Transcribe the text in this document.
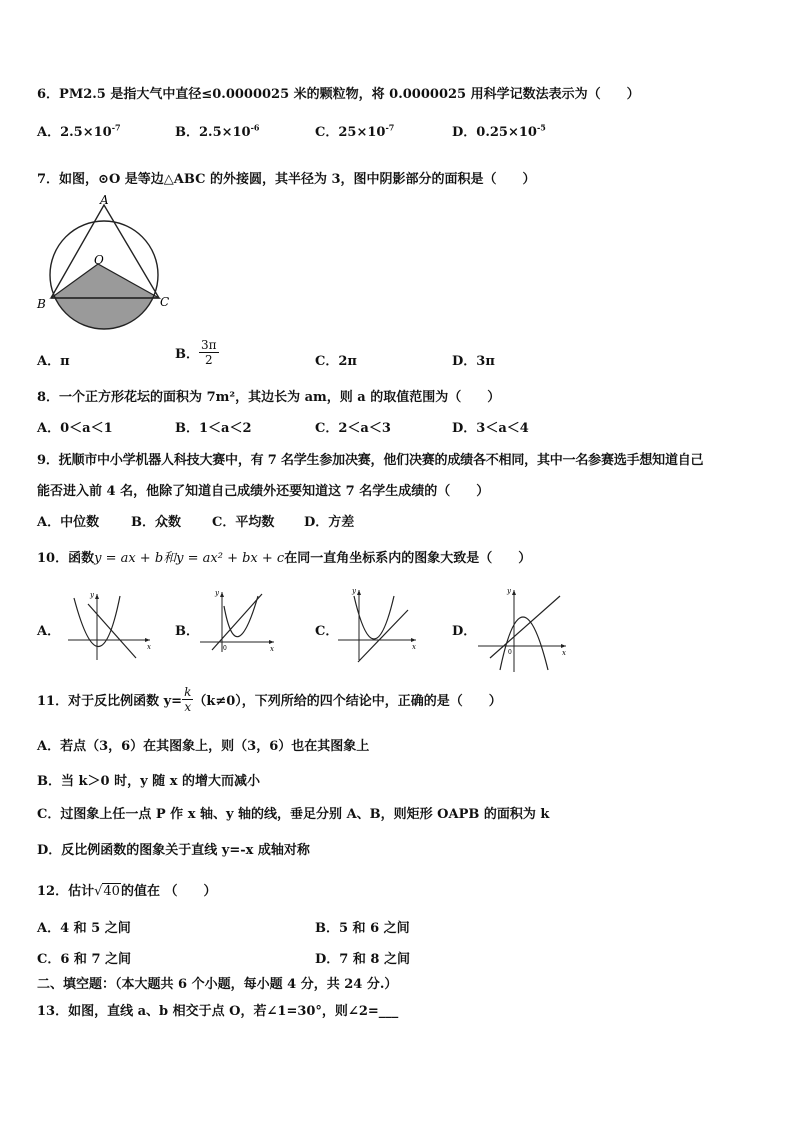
6．PM2.5 是指大气中直径≤0.0000025 米的颗粒物，将 0.0000025 用科学记数法表示为（　　）
A．$2.5\times 10^{-7}$	B．$2.5\times 10^{-6}$	C．$25\times 10^{-7}$	D．$0.25\times 10^{-5}$
7．如图，⊙O 是等边△ABC 的外接圆，其半径为 3，图中阴影部分的面积是（　　）
A
O
B	C
A．π	B． $\frac{3\pi}{2}$	C．2π	D．3π
8．一个正方形花坛的面积为 7m²，其边长为 am，则 a 的取值范围为（　　）
A．0＜a＜1	B．1＜a＜2	C．2＜a＜3	D．3＜a＜4
9．抚顺市中小学机器人科技大赛中，有 7 名学生参加决赛，他们决赛的成绩各不相同，其中一名参赛选手想知道自己
能否进入前 4 名，他除了知道自己成绩外还要知道这 7 名学生成绩的（　　）
A．中位数 B．众数 C．平均数 D．方差
10．函数y = ax + b和y = ax² + bx + c在同一直角坐标系内的图象大致是（　　）
A．
y
x
B．
y
x
0
C．
y
x
D．
y
x
0
11．对于反比例函数 $y= \frac{k}{x} (k\ne 0)$，下列所给的四个结论中，正确的是（　　）
A．若点（3，6）在其图象上，则（3，6）也在其图象上
B．当 k＞0 时，y 随 x 的增大而减小
C．过图象上任一点 P 作 x 轴、y 轴的线，垂足分别 A、B，则矩形 OAPB 的面积为 k
D．反比例函数的图象关于直线 y=-x 成轴对称
12．估计√40的值在 （　　）
A．4 和 5 之间	B．5 和 6 之间
C．6 和 7 之间	D．7 和 8 之间
二、填空题：（本大题共 6 个小题，每小题 4 分，共 24 分.）
13．如图，直线 a、b 相交于点 O，若∠1=30°，则∠2=___
